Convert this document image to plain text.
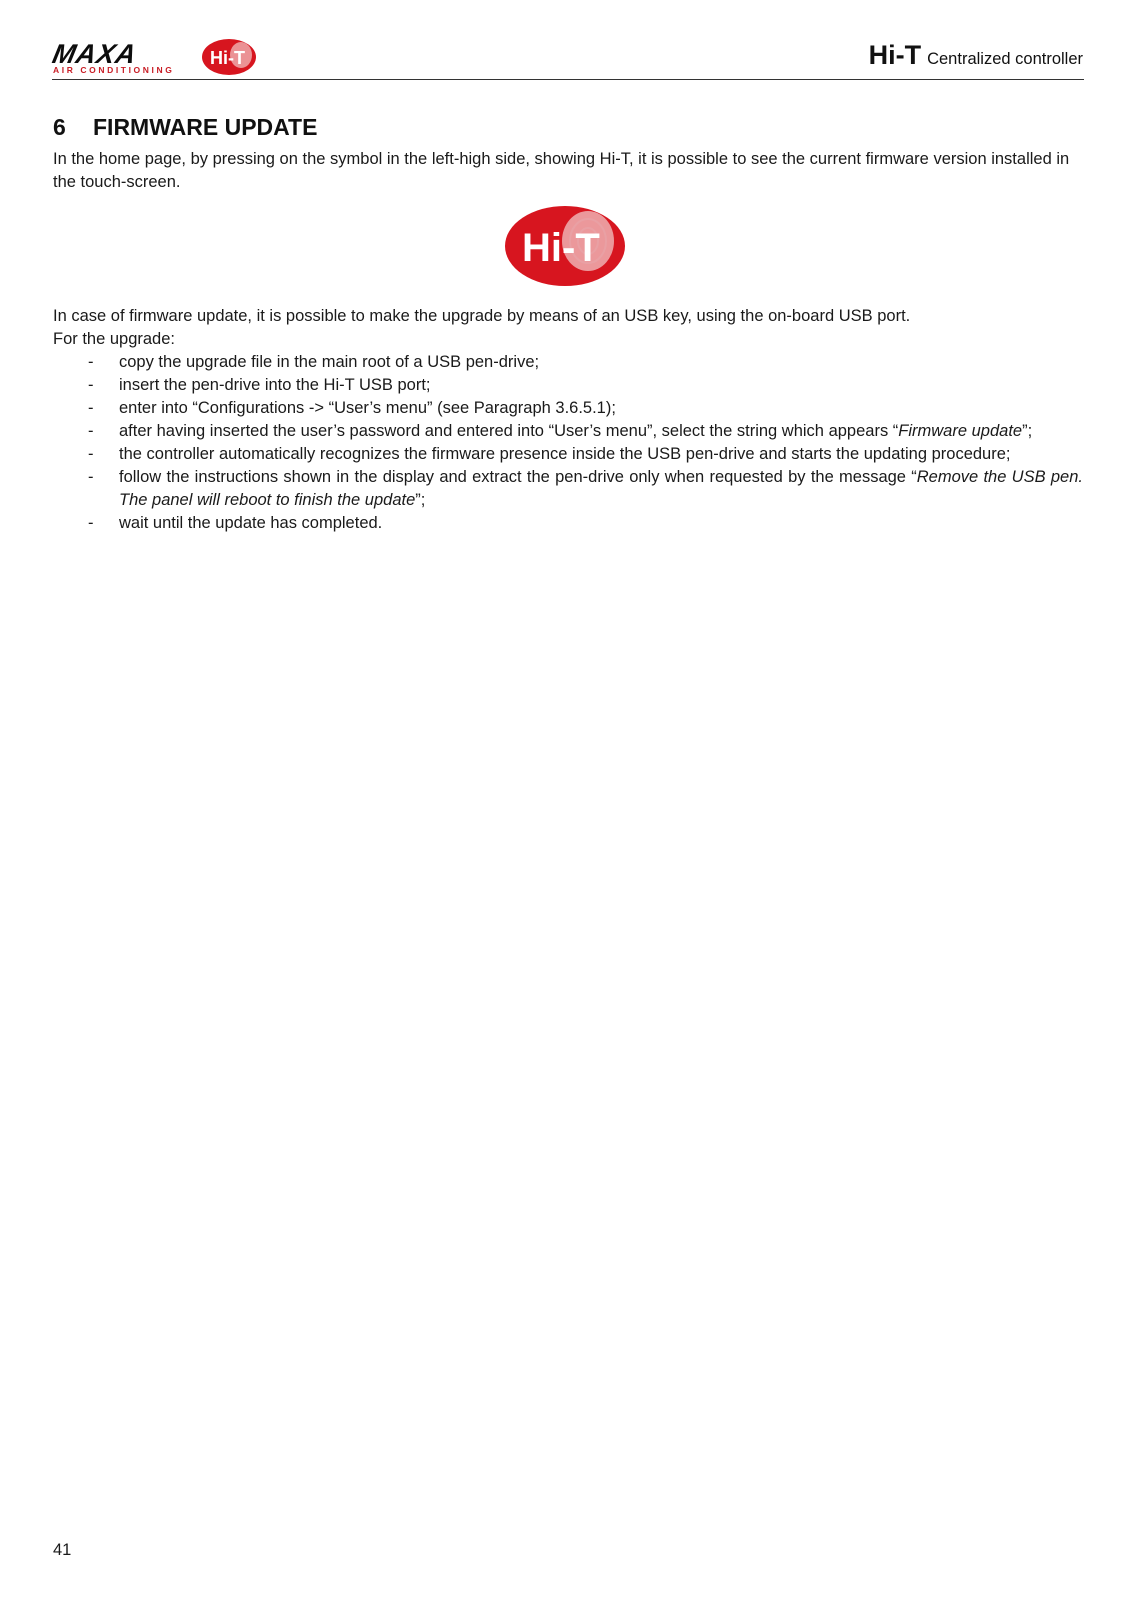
MAXA
AIR CONDITIONING
Hi-T	Hi-T Centralized controller
6 FIRMWARE UPDATE
In the home page, by pressing on the symbol in the left-high side, showing Hi-T, it is possible to see the current firmware version installed in the touch-screen.
Hi-T
In case of firmware update, it is possible to make the upgrade by means of an USB key, using the on-board USB port.
For the upgrade:
- copy the upgrade file in the main root of a USB pen-drive;
- insert the pen-drive into the Hi-T USB port;
- enter into “Configurations -> “User’s menu” (see Paragraph 3.6.5.1);
- after having inserted the user’s password and entered into “User’s menu”, select the string which appears “Firmware update”;
- the controller automatically recognizes the firmware presence inside the USB pen-drive and starts the updating procedure;
- follow the instructions shown in the display and extract the pen-drive only when requested by the message “Remove the USB pen. The panel will reboot to finish the update”;
- wait until the update has completed.
41
